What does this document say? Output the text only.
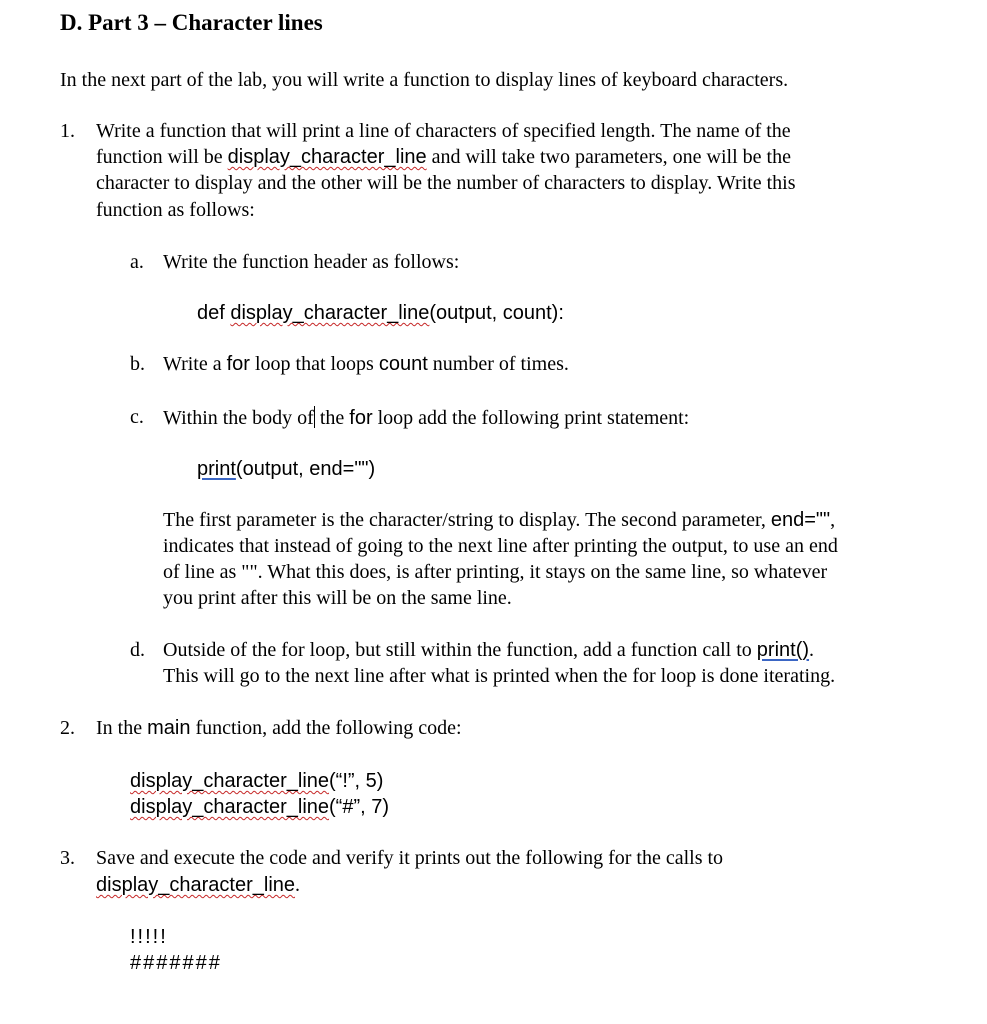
D. Part 3 – Character lines
In the next part of the lab, you will write a function to display lines of keyboard characters.
1. Write a function that will print a line of characters of specified length. The name of the
function will be display_character_line and will take two parameters, one will be the
character to display and the other will be the number of characters to display. Write this
function as follows:
a. Write the function header as follows:
def display_character_line(output, count):
b. Write a for loop that loops count number of times.
c. Within the body of the for loop add the following print statement:
print(output, end="")
The first parameter is the character/string to display. The second parameter, end="",
indicates that instead of going to the next line after printing the output, to use an end
of line as "". What this does, is after printing, it stays on the same line, so whatever
you print after this will be on the same line.
d. Outside of the for loop, but still within the function, add a function call to print().
This will go to the next line after what is printed when the for loop is done iterating.
2. In the main function, add the following code:
display_character_line(“!”, 5)
display_character_line(“#”, 7)
3. Save and execute the code and verify it prints out the following for the calls to
display_character_line.
!!!!!
#######
